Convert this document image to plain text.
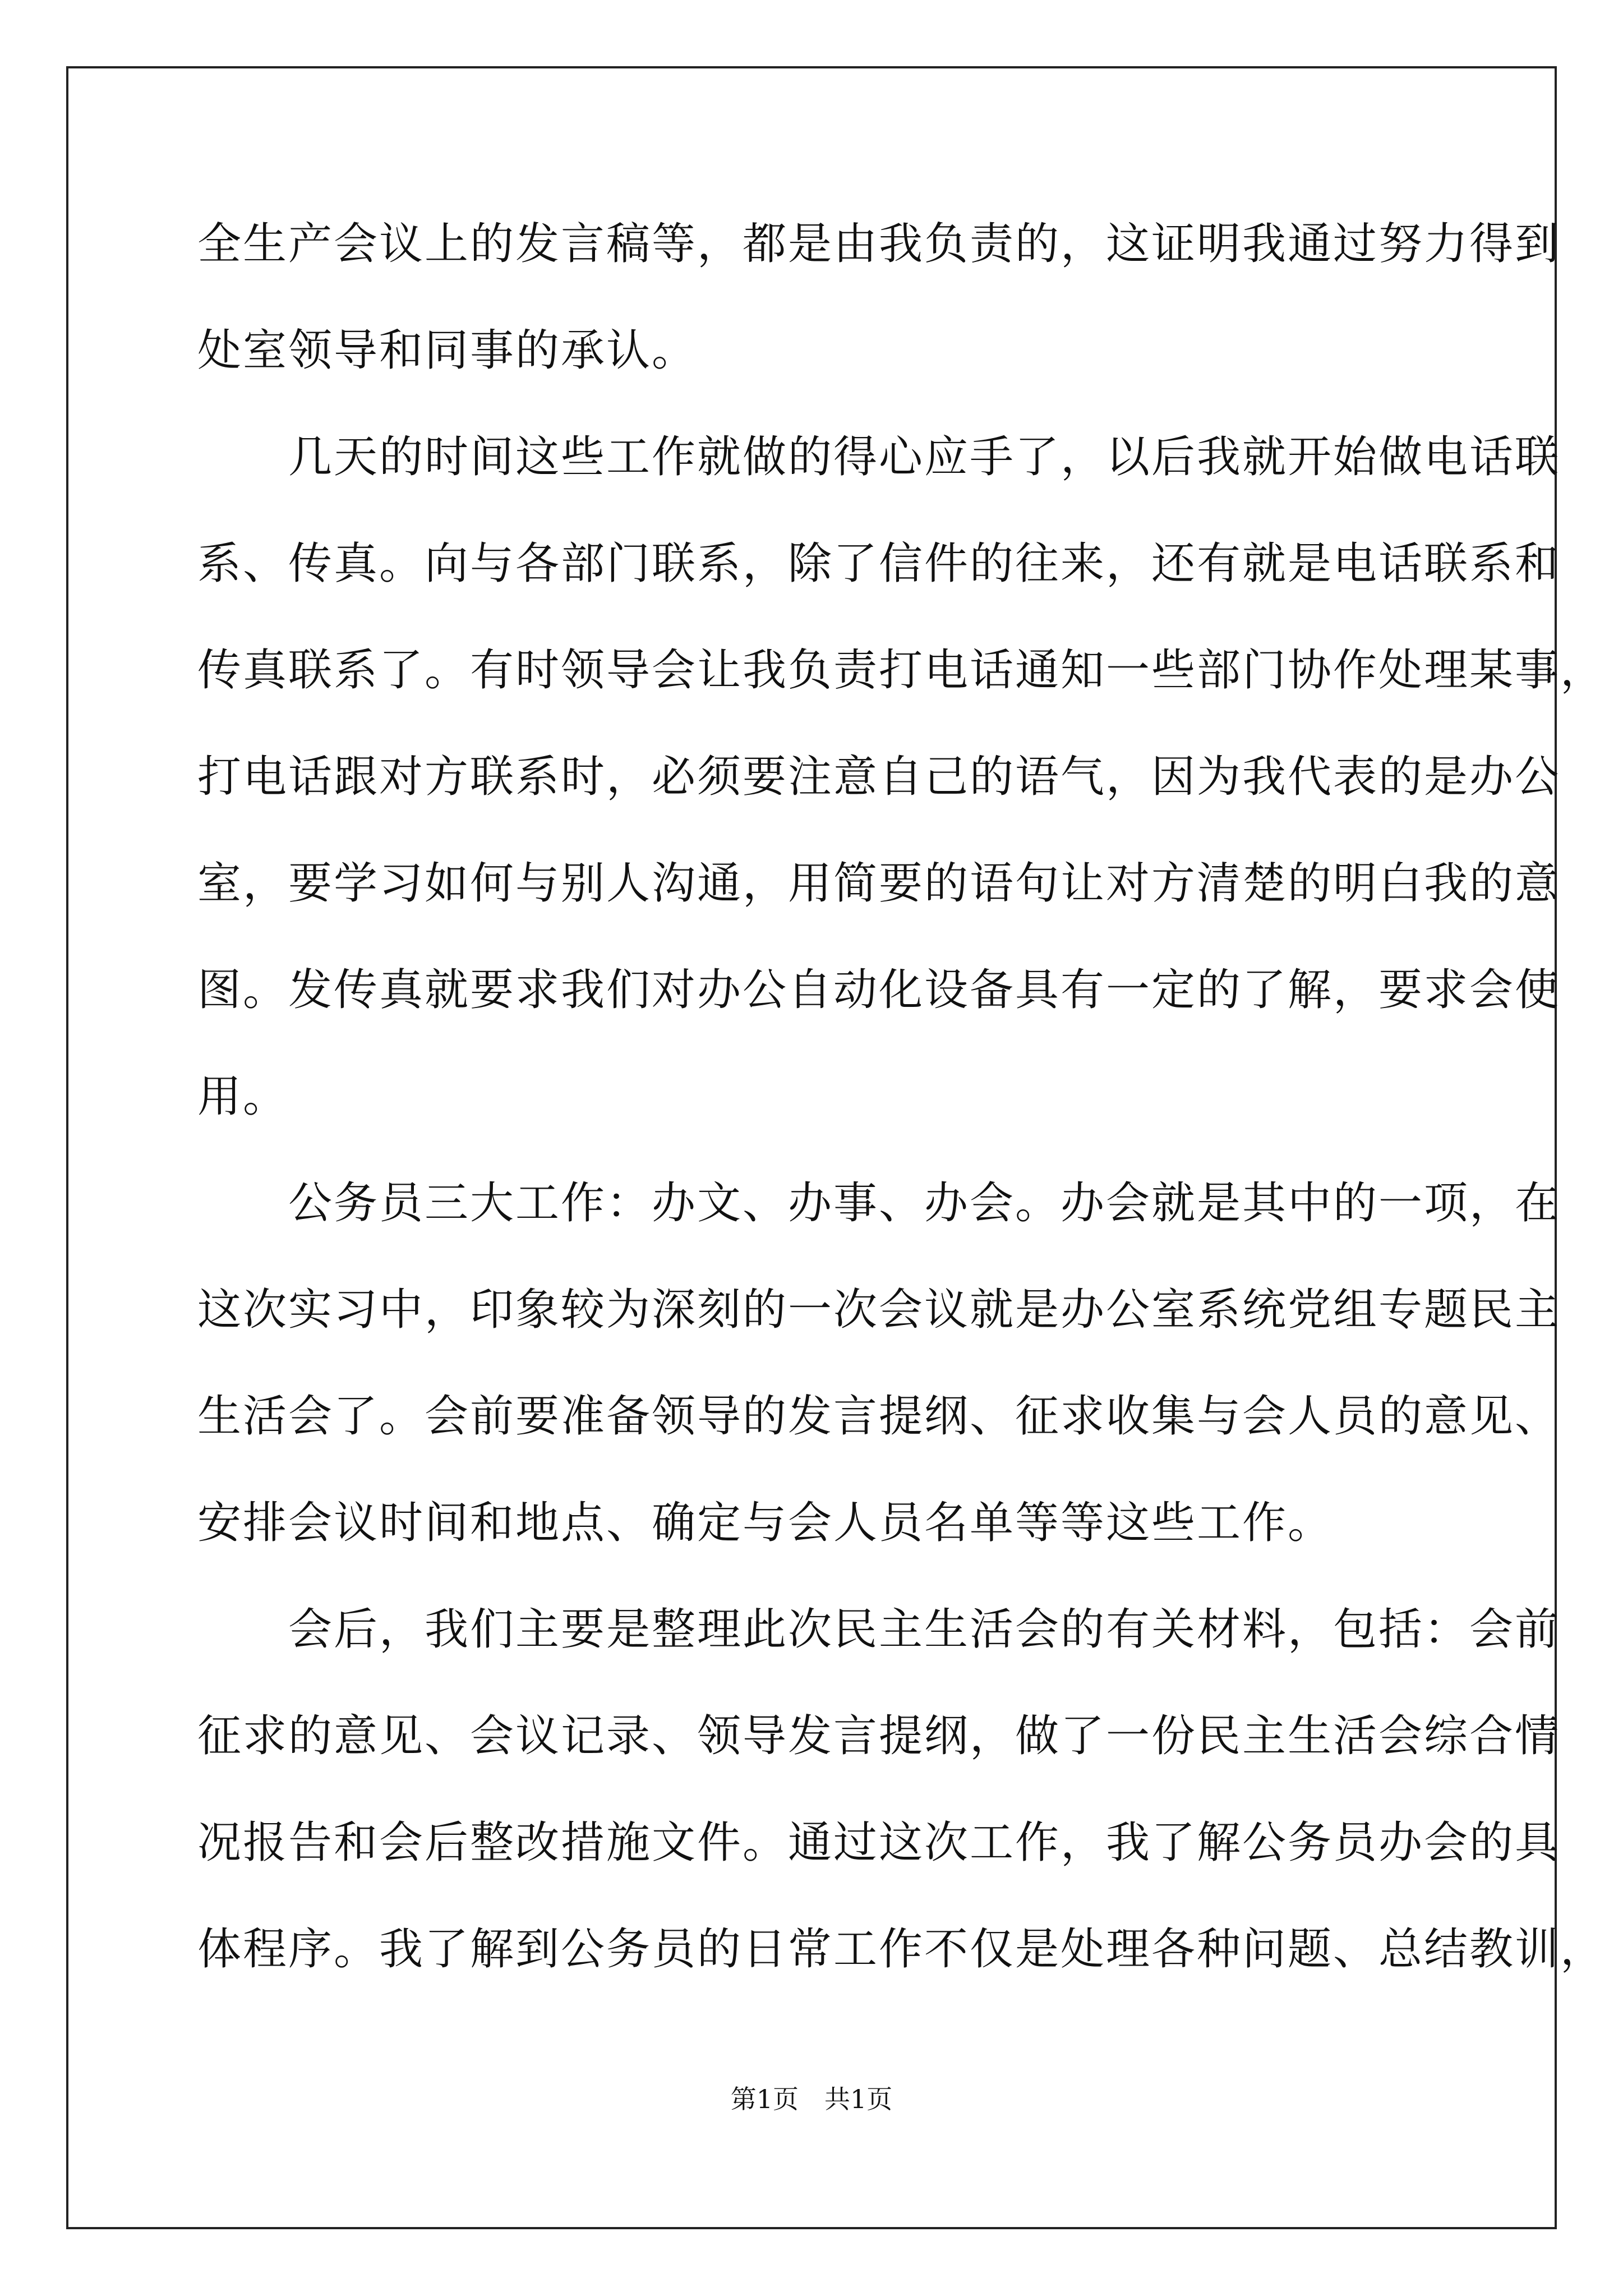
全生产会议上的发言稿等，都是由我负责的，这证明我通过努力得到
处室领导和同事的承认。
　　几天的时间这些工作就做的得心应手了，以后我就开始做电话联
系、传真。向与各部门联系，除了信件的往来，还有就是电话联系和
传真联系了。有时领导会让我负责打电话通知一些部门协作处理某事，
打电话跟对方联系时，必须要注意自己的语气，因为我代表的是办公
室，要学习如何与别人沟通，用简要的语句让对方清楚的明白我的意
图。发传真就要求我们对办公自动化设备具有一定的了解，要求会使
用。
　　公务员三大工作：办文、办事、办会。办会就是其中的一项，在
这次实习中，印象较为深刻的一次会议就是办公室系统党组专题民主
生活会了。会前要准备领导的发言提纲、征求收集与会人员的意见、
安排会议时间和地点、确定与会人员名单等等这些工作。
　　会后，我们主要是整理此次民主生活会的有关材料，包括：会前
征求的意见、会议记录、领导发言提纲，做了一份民主生活会综合情
况报告和会后整改措施文件。通过这次工作，我了解公务员办会的具
体程序。我了解到公务员的日常工作不仅是处理各种问题、总结教训，
第1页　共1页
